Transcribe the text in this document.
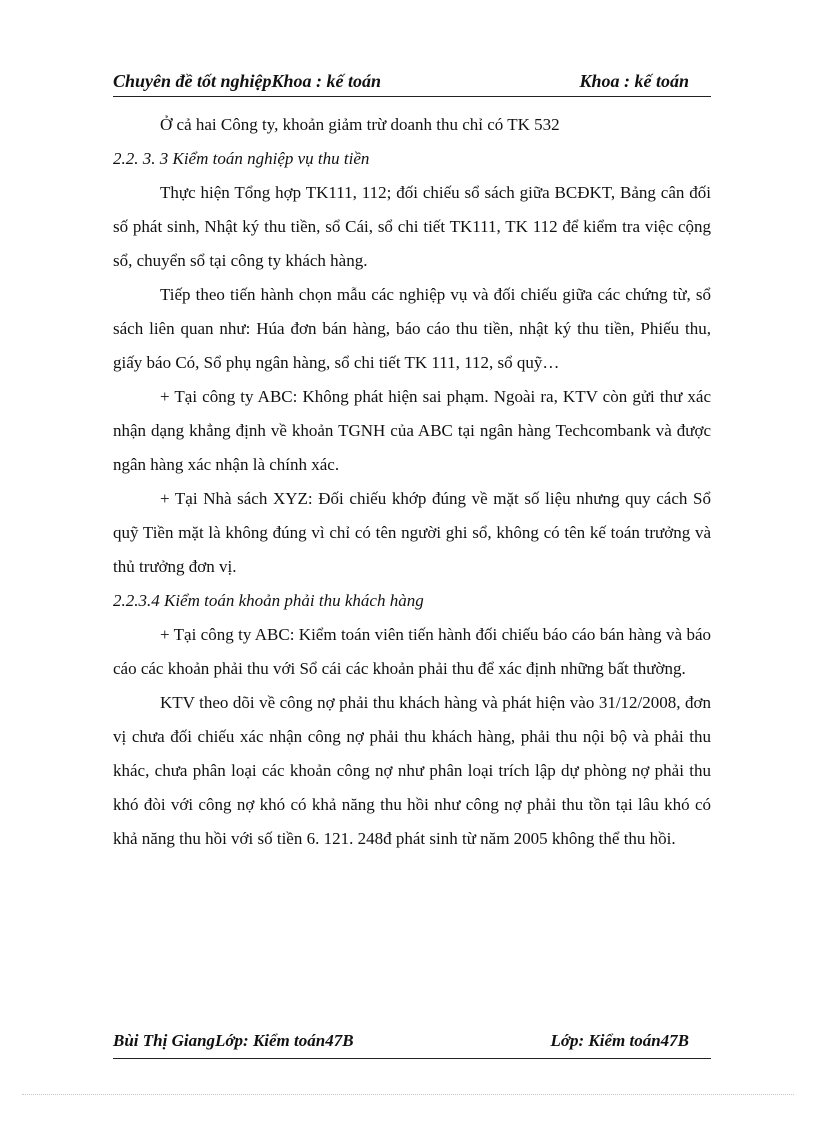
Chuyên đề tốt nghiệpKhoa : kế toán	Khoa : kế toán

Ở cả hai Công ty, khoản giảm trừ doanh thu chỉ có TK 532

2.2. 3. 3 Kiểm toán nghiệp vụ thu tiền

Thực hiện Tổng hợp TK111, 112; đối chiếu sổ sách giữa BCĐKT, Bảng cân đối số phát sinh, Nhật ký thu tiền, sổ Cái, sổ chi tiết TK111, TK 112 để kiểm tra việc cộng sổ, chuyển sổ tại công ty khách hàng.

Tiếp theo tiến hành chọn mẫu các nghiệp vụ và đối chiếu giữa các chứng từ, sổ sách liên quan như: Húa đơn bán hàng, báo cáo thu tiền, nhật ký thu tiền, Phiếu thu, giấy báo Có, Sổ phụ ngân hàng, sổ chi tiết TK 111, 112, sổ quỹ…

+ Tại công ty ABC: Không phát hiện sai phạm. Ngoài ra, KTV còn gửi thư xác nhận dạng khẳng định về khoản TGNH của ABC tại ngân hàng Techcombank và được ngân hàng xác nhận là chính xác.

+ Tại Nhà sách XYZ: Đối chiếu khớp đúng về mặt số liệu nhưng quy cách Sổ quỹ Tiền mặt là không đúng vì chỉ có tên người ghi sổ, không có tên kế toán trưởng và thủ trưởng đơn vị.

2.2.3.4 Kiểm toán khoản phải thu khách hàng

+ Tại công ty ABC: Kiểm toán viên tiến hành đối chiếu báo cáo bán hàng và báo cáo các khoản phải thu với Sổ cái các khoản phải thu để xác định những bất thường.

KTV theo dõi về công nợ phải thu khách hàng và phát hiện vào 31/12/2008, đơn vị chưa đối chiếu xác nhận công nợ phải thu khách hàng, phải thu nội bộ và phải thu khác, chưa phân loại các khoản công nợ như phân loại trích lập dự phòng nợ phải thu khó đòi với công nợ khó có khả năng thu hồi như công nợ phải thu tồn tại lâu khó có khả năng thu hồi với số tiền 6. 121. 248đ phát sinh từ năm 2005 không thể thu hồi.

Bùi Thị GiangLớp: Kiểm toán47B	Lớp: Kiểm toán47B
